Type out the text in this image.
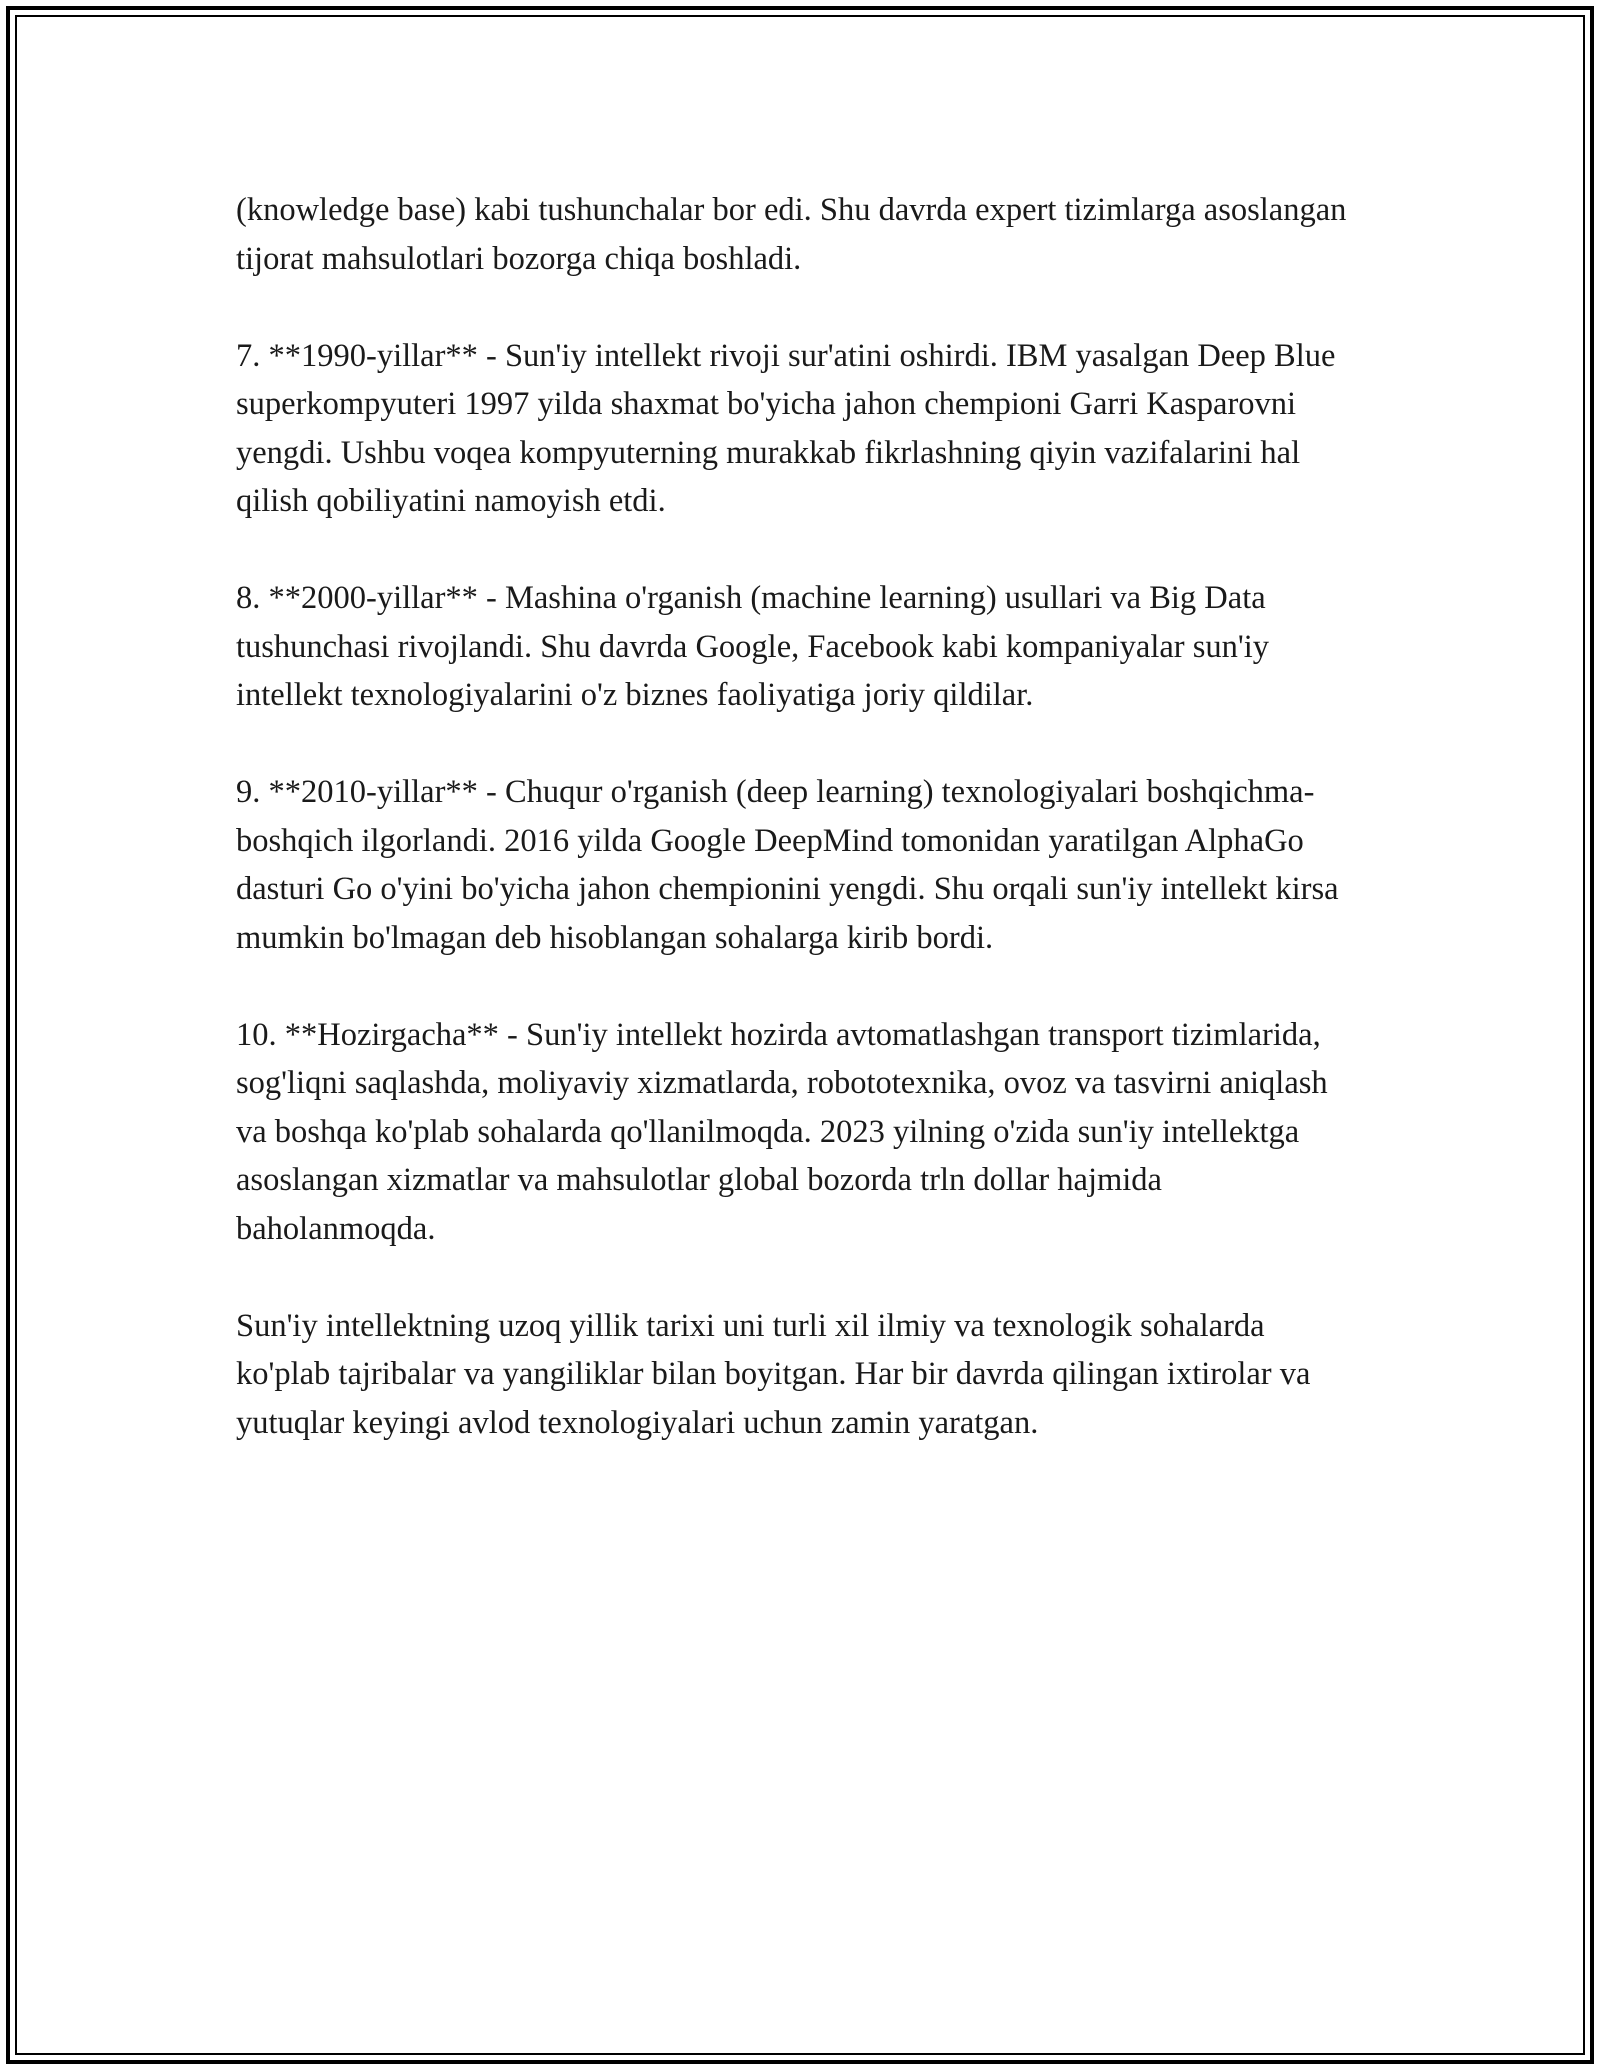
(knowledge base) kabi tushunchalar bor edi. Shu davrda expert tizimlarga asoslangan tijorat mahsulotlari bozorga chiqa boshladi.

7. **1990-yillar** - Sun'iy intellekt rivoji sur'atini oshirdi. IBM yasalgan Deep Blue superkompyuteri 1997 yilda shaxmat bo'yicha jahon chempioni Garri Kasparovni yengdi. Ushbu voqea kompyuterning murakkab fikrlashning qiyin vazifalarini hal qilish qobiliyatini namoyish etdi.

8. **2000-yillar** - Mashina o'rganish (machine learning) usullari va Big Data tushunchasi rivojlandi. Shu davrda Google, Facebook kabi kompaniyalar sun'iy intellekt texnologiyalarini o'z biznes faoliyatiga joriy qildilar.

9. **2010-yillar** - Chuqur o'rganish (deep learning) texnologiyalari boshqichma-boshqich ilgorlandi. 2016 yilda Google DeepMind tomonidan yaratilgan AlphaGo dasturi Go o'yini bo'yicha jahon chempionini yengdi. Shu orqali sun'iy intellekt kirsa mumkin bo'lmagan deb hisoblangan sohalarga kirib bordi.

10. **Hozirgacha** - Sun'iy intellekt hozirda avtomatlashgan transport tizimlarida, sog'liqni saqlashda, moliyaviy xizmatlarda, robototexnika, ovoz va tasvirni aniqlash va boshqa ko'plab sohalarda qo'llanilmoqda. 2023 yilning o'zida sun'iy intellektga asoslangan xizmatlar va mahsulotlar global bozorda trln dollar hajmida baholanmoqda.

Sun'iy intellektning uzoq yillik tarixi uni turli xil ilmiy va texnologik sohalarda ko'plab tajribalar va yangiliklar bilan boyitgan. Har bir davrda qilingan ixtirolar va yutuqlar keyingi avlod texnologiyalari uchun zamin yaratgan.
